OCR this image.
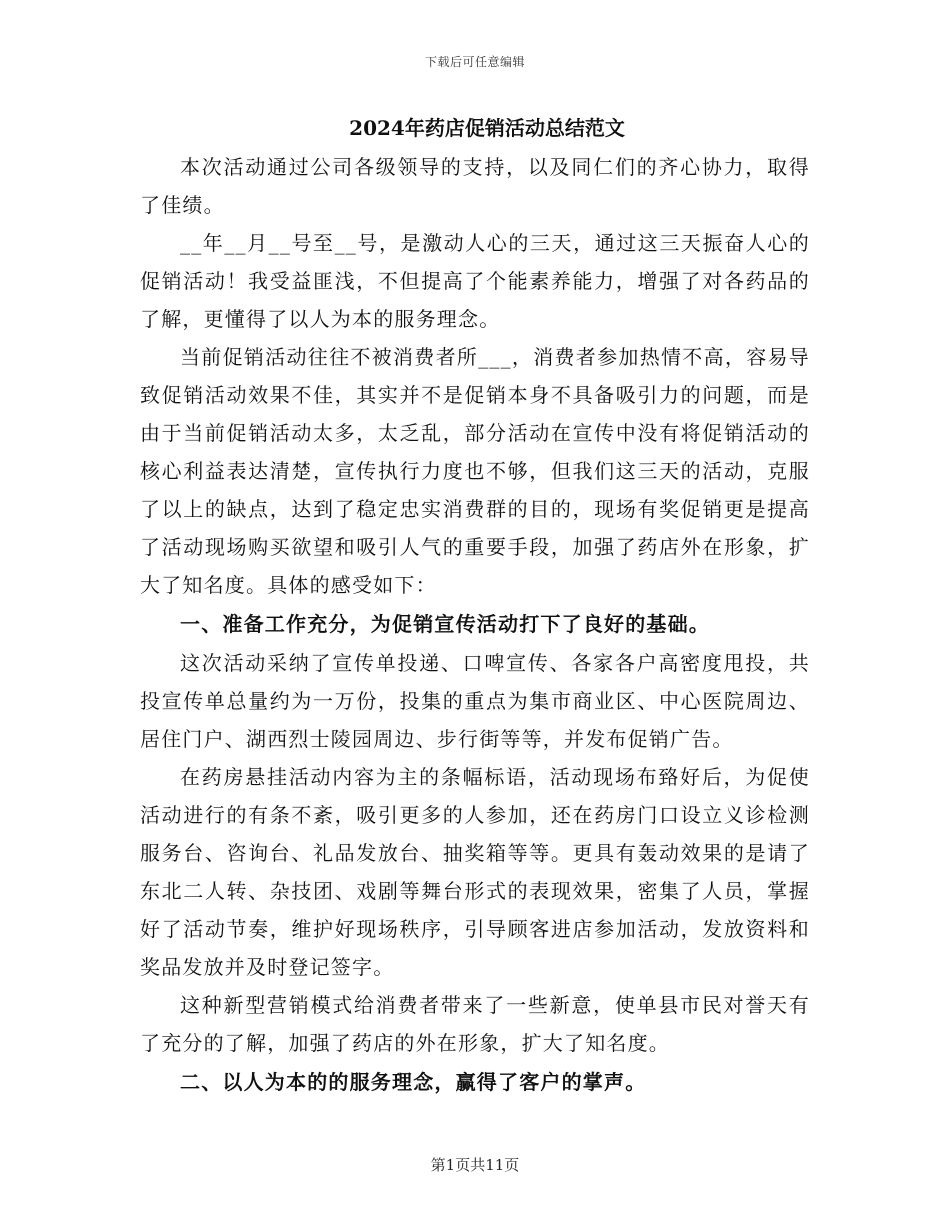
下载后可任意编辑
2024年药店促销活动总结范文

本次活动通过公司各级领导的支持，以及同仁们的齐心协力，取得了佳绩。

__年__月__号至__号，是激动人心的三天，通过这三天振奋人心的促销活动！我受益匪浅，不但提高了个能素养能力，增强了对各药品的了解，更懂得了以人为本的服务理念。

当前促销活动往往不被消费者所___，消费者参加热情不高，容易导致促销活动效果不佳，其实并不是促销本身不具备吸引力的问题，而是由于当前促销活动太多，太乏乱，部分活动在宣传中没有将促销活动的核心利益表达清楚，宣传执行力度也不够，但我们这三天的活动，克服了以上的缺点，达到了稳定忠实消费群的目的，现场有奖促销更是提高了活动现场购买欲望和吸引人气的重要手段，加强了药店外在形象，扩大了知名度。具体的感受如下：

一、准备工作充分，为促销宣传活动打下了良好的基础。

这次活动采纳了宣传单投递、口啤宣传、各家各户高密度甩投，共投宣传单总量约为一万份，投集的重点为集市商业区、中心医院周边、居住门户、湖西烈士陵园周边、步行街等等，并发布促销广告。

在药房悬挂活动内容为主的条幅标语，活动现场布臵好后，为促使活动进行的有条不紊，吸引更多的人参加，还在药房门口设立义诊检测服务台、咨询台、礼品发放台、抽奖箱等等。更具有轰动效果的是请了东北二人转、杂技团、戏剧等舞台形式的表现效果，密集了人员，掌握好了活动节奏，维护好现场秩序，引导顾客进店参加活动，发放资料和奖品发放并及时登记签字。

这种新型营销模式给消费者带来了一些新意，使单县市民对誉天有了充分的了解，加强了药店的外在形象，扩大了知名度。

二、以人为本的的服务理念，赢得了客户的掌声。

第1页共11页
